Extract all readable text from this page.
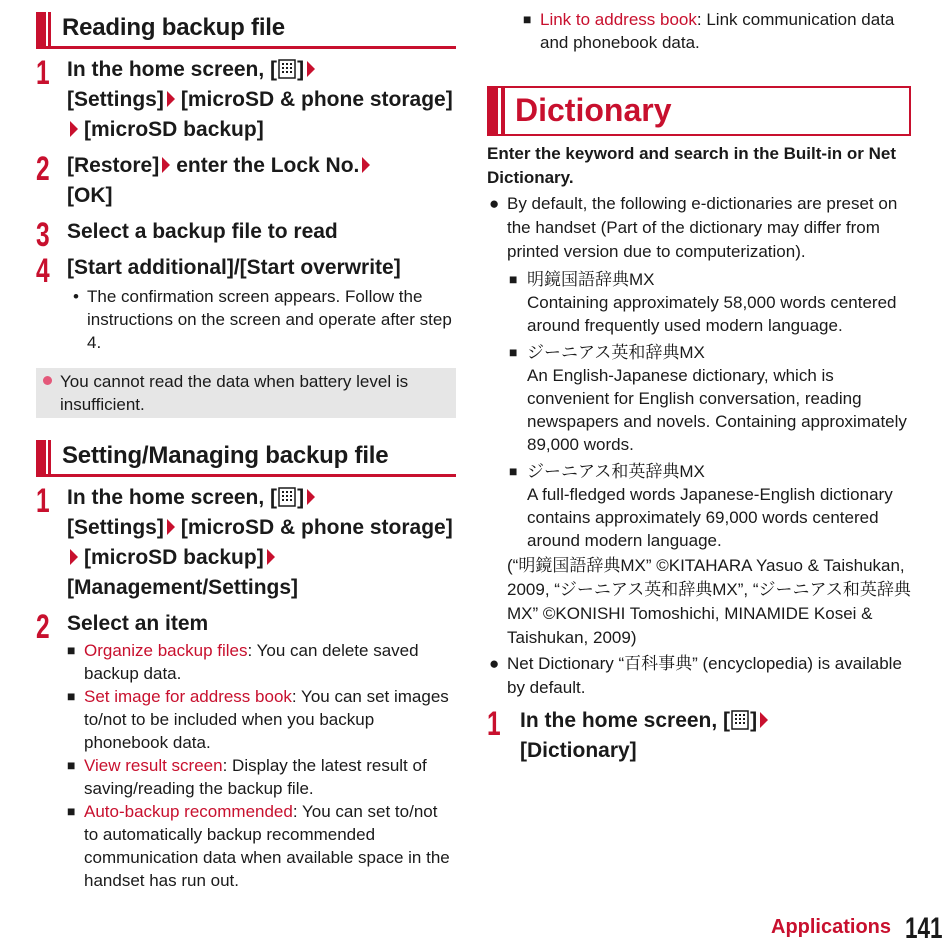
Reading backup file
1 In the home screen, [ ]
[Settings] [microSD & phone storage][microSD backup]
2 [Restore] enter the Lock No.
[OK]
3 Select a backup file to read
4 [Start additional]/[Start overwrite]
• The confirmation screen appears. Follow the instructions on the screen and operate after step 4.
You cannot read the data when battery level is insufficient.
Setting/Managing backup file
1 In the home screen, [ ]
[Settings] [microSD & phone storage][microSD backup]
[Management/Settings]
2 Select an item
■ Organize backup files: You can delete saved backup data.
■ Set image for address book: You can set images to/not to be included when you backup phonebook data.
■ View result screen: Display the latest result of saving/reading the backup file.
■ Auto-backup recommended: You can set to/not to automatically backup recommended communication data when available space in the handset has run out.
■ Link to address book: Link communication data and phonebook data.
Dictionary
Enter the keyword and search in the Built-in or Net Dictionary.
● By default, the following e-dictionaries are preset on the handset (Part of the dictionary may differ from printed version due to computerization).
■ 明鏡国語辞典MX
Containing approximately 58,000 words centered around frequently used modern language.
■ ジーニアス英和辞典MX
An English-Japanese dictionary, which is convenient for English conversation, reading newspapers and novels. Containing approximately 89,000 words.
■ ジーニアス和英辞典MX
A full-fledged words Japanese-English dictionary contains approximately 69,000 words centered around modern language.
(“明鏡国語辞典MX” ©KITAHARA Yasuo & Taishukan, 2009, “ジーニアス英和辞典MX”, “ジーニアス和英辞典MX” ©KONISHI Tomoshichi, MINAMIDE Kosei & Taishukan, 2009)
● Net Dictionary “百科事典” (encyclopedia) is available by default.
1 In the home screen, [ ]
[Dictionary]
Applications 141
